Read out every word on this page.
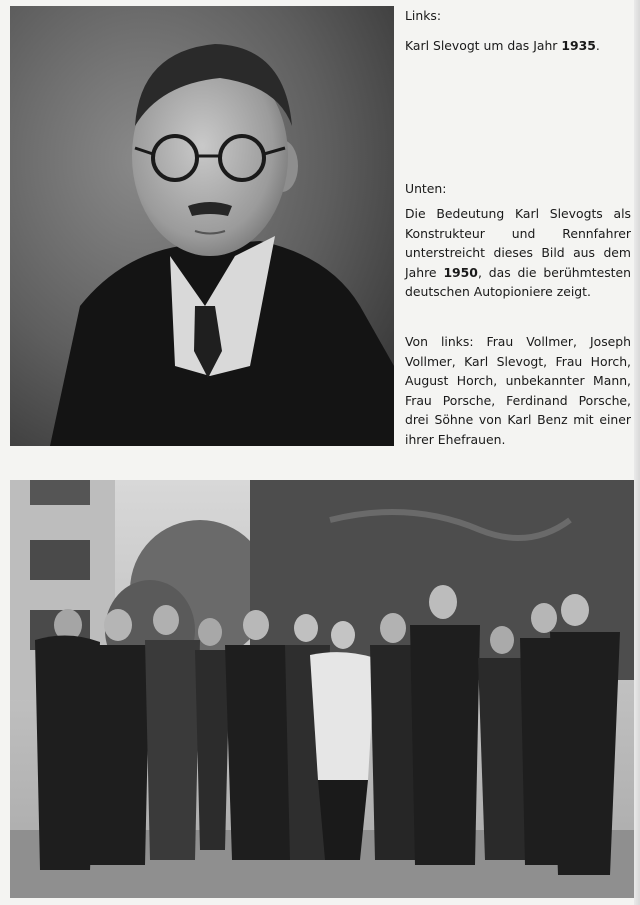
Links:

Karl Slevogt um das Jahr 1935.

Unten:

Die Bedeutung Karl Slevogts als Konstrukteur und Rennfahrer unterstreicht dieses Bild aus dem Jahre 1950, das die berühmtesten deutschen Autopioniere zeigt.

Von links: Frau Vollmer, Joseph Vollmer, Karl Slevogt, Frau Horch, August Horch, unbekannter Mann, Frau Porsche, Ferdinand Porsche, drei Söhne von Karl Benz mit einer ihrer Ehefrauen.
